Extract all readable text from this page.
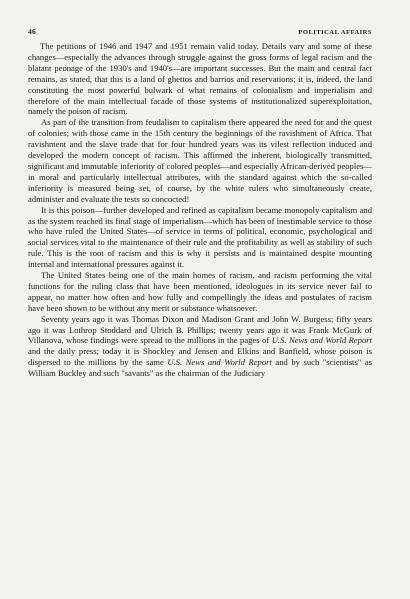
46	POLITICAL AFFAIRS

The petitions of 1946 and 1947 and 1951 remain valid today. Details vary and some of these changes—especially the advances through struggle against the gross forms of legal racism and the blatant peonage of the 1930's and 1940's—are important successes. But the main and central fact remains, as stated, that this is a land of ghettos and barrios and reservations; it is, indeed, the land constituting the most powerful bulwark of what remains of colonialism and imperialism and therefore of the main intellectual facade of those systems of institutionalized superexploitation, namely the poison of racism.

As part of the transition from feudalism to capitalism there appeared the need for and the quest of colonies; with those came in the 15th century the beginnings of the ravishment of Africa. That ravishment and the slave trade that for four hundred years was its vilest reflection induced and developed the modern concept of racism. This affirmed the inherent, biologically transmitted, significant and immutable inferiority of colored peoples—and especially African-derived peoples—in moral and particularly intellectual attributes, with the standard against which the so-called inferiority is measured being set, of course, by the white rulers who simultaneously create, administer and evaluate the tests so concocted!

It is this poison—further developed and refined as capitalism became monopoly capitalism and as the system reached its final stage of imperialism—which has been of inestimable service to those who have ruled the United States—of service in terms of political, economic, psychological and social services vital to the maintenance of their rule and the profitability as well as stability of such rule. This is the root of racism and this is why it persists and is maintained despite mounting internal and international pressures against it.

The United States being one of the main homes of racism, and racism performing the vital functions for the ruling class that have been mentioned, ideologues in its service never fail to appear, no matter how often and how fully and compellingly the ideas and postulates of racism have been shown to be without any merit or substance whatsoever.

Seventy years ago it was Thomas Dixon and Madison Grant and John W. Burgess; fifty years ago it was Lothrop Stoddard and Ulrich B. Phillips; twenty years ago it was Frank McGurk of Villanova, whose findings were spread to the millions in the pages of U.S. News and World Report and the daily press; today it is Shockley and Jensen and Elkins and Banfield, whose poison is dispersed to the millions by the same U.S. News and World Report and by such "scientists" as William Buckley and such "savants" as the chairman of the Judiciary
